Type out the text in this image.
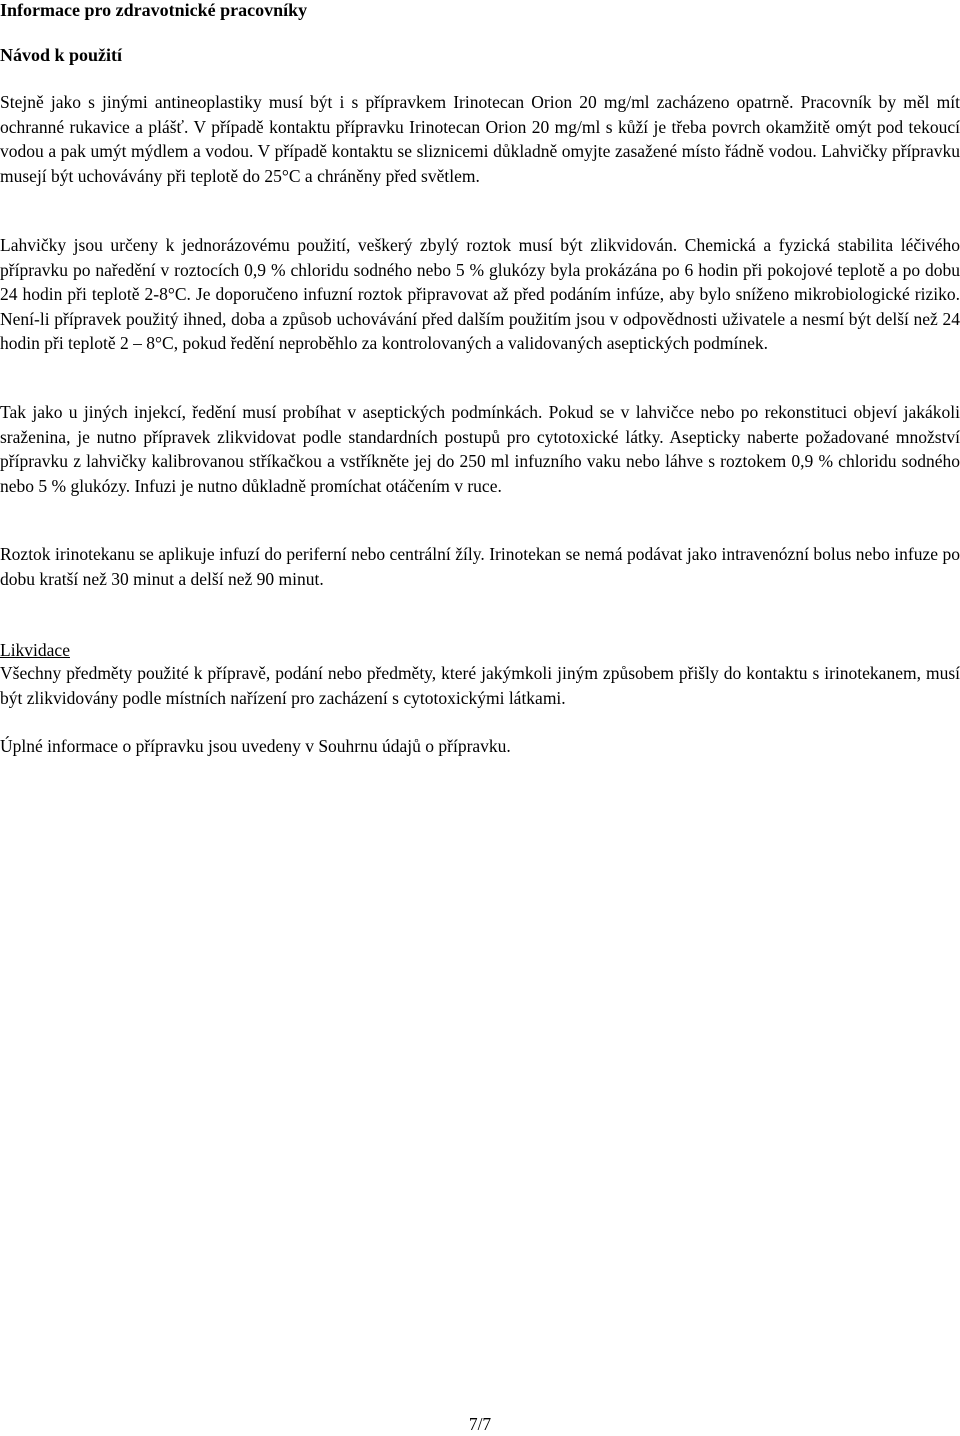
Informace pro zdravotnické pracovníky
Návod k použití

Stejně jako s jinými antineoplastiky musí být i s přípravkem Irinotecan Orion 20 mg/ml zacházeno opatrně. Pracovník by měl mít ochranné rukavice a plášť. V případě kontaktu přípravku Irinotecan Orion 20 mg/ml s kůží je třeba povrch okamžitě omýt pod tekoucí vodou a pak umýt mýdlem a vodou. V případě kontaktu se sliznicemi důkladně omyjte zasažené místo řádně vodou. Lahvičky přípravku musejí být uchovávány při teplotě do 25°C a chráněny před světlem.

Lahvičky jsou určeny k jednorázovému použití, veškerý zbylý roztok musí být zlikvidován. Chemická a fyzická stabilita léčivého přípravku po naředění v roztocích 0,9 % chloridu sodného nebo 5 % glukózy byla prokázána po 6 hodin při pokojové teplotě a po dobu 24 hodin při teplotě 2-8°C. Je doporučeno infuzní roztok připravovat až před podáním infúze, aby bylo sníženo mikrobiologické riziko. Není-li přípravek použitý ihned, doba a způsob uchovávání před dalším použitím jsou v odpovědnosti uživatele a nesmí být delší než 24 hodin při teplotě 2 – 8°C, pokud ředění neproběhlo za kontrolovaných a validovaných aseptických podmínek.

Tak jako u jiných injekcí, ředění musí probíhat v aseptických podmínkách. Pokud se v lahvičce nebo po rekonstituci objeví jakákoli sraženina, je nutno přípravek zlikvidovat podle standardních postupů pro cytotoxické látky. Asepticky naberte požadované množství přípravku z lahvičky kalibrovanou stříkačkou a vstříkněte jej do 250 ml infuzního vaku nebo láhve s roztokem 0,9 % chloridu sodného nebo 5 % glukózy. Infuzi je nutno důkladně promíchat otáčením v ruce.

Roztok irinotekanu se aplikuje infuzí do periferní nebo centrální žíly. Irinotekan se nemá podávat jako intravenózní bolus nebo infuze po dobu kratší než 30 minut a delší než 90 minut.

Likvidace

Všechny předměty použité k přípravě, podání nebo předměty, které jakýmkoli jiným způsobem přišly do kontaktu s irinotekanem, musí být zlikvidovány podle místních nařízení pro zacházení s cytotoxickými látkami.

Úplné informace o přípravku jsou uvedeny v Souhrnu údajů o přípravku.

7/7
